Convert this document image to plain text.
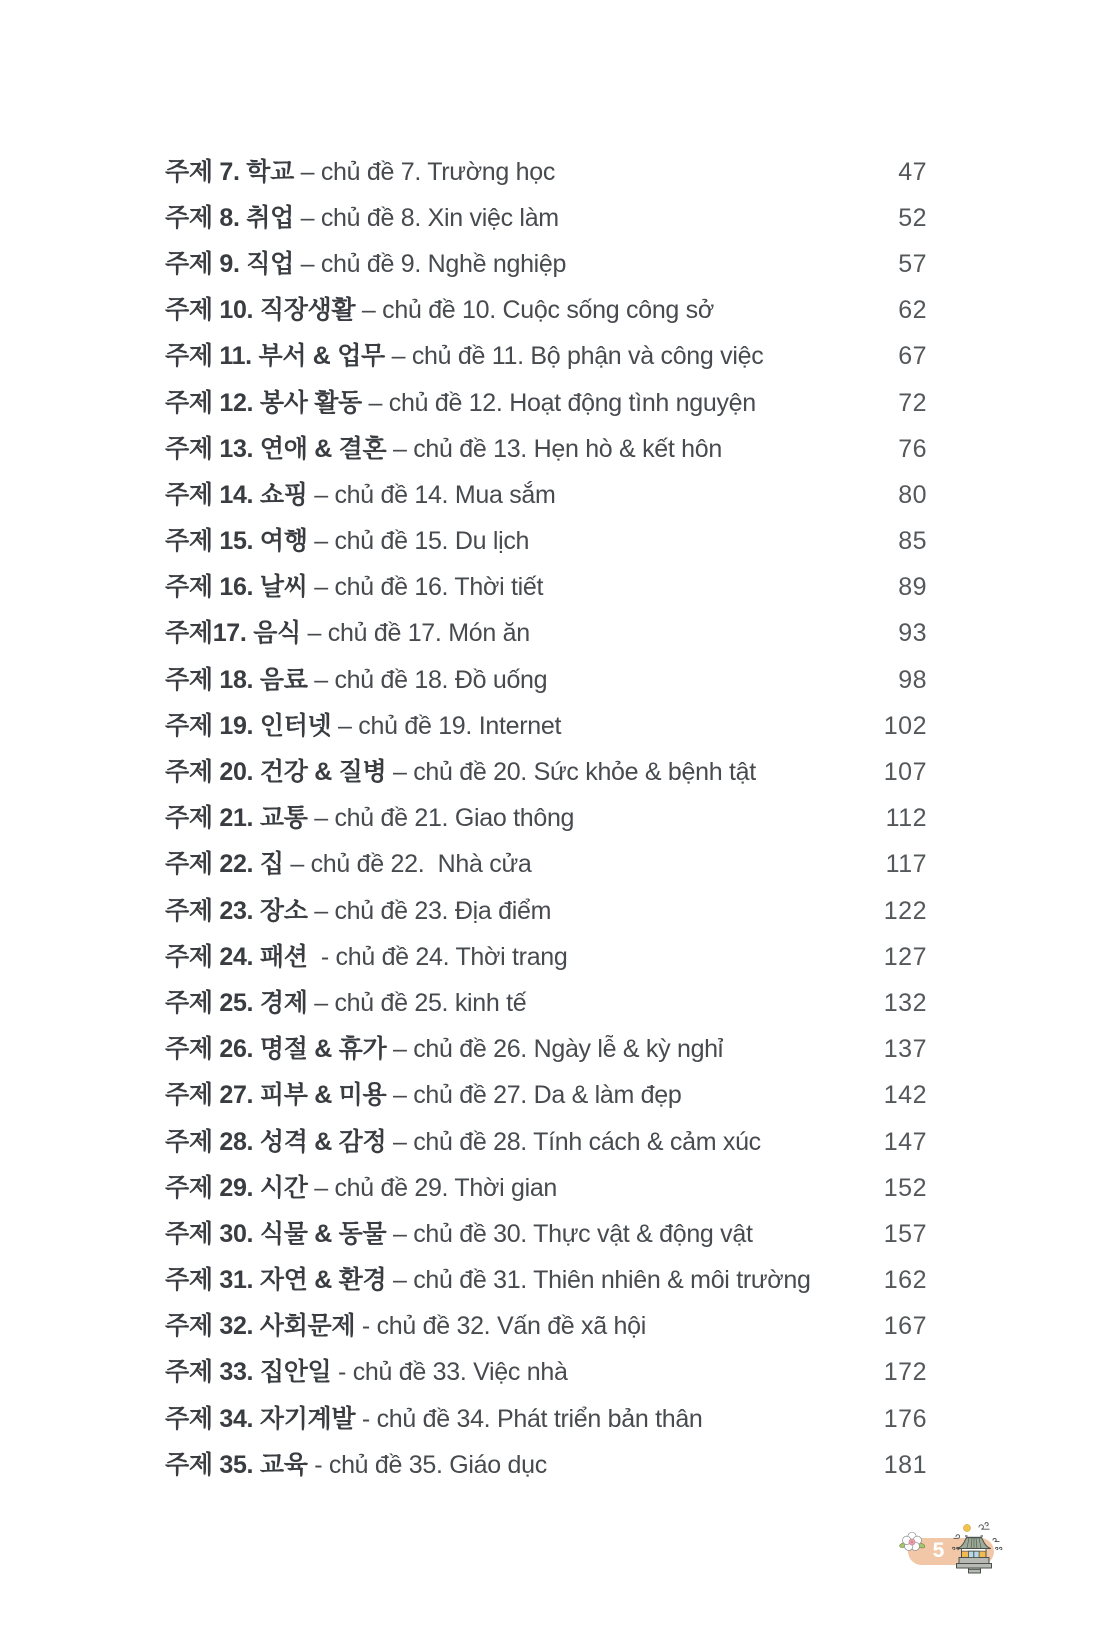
주제 7. 학교 – chủ đề 7. Trường học	47
주제 8. 취업 – chủ đề 8. Xin việc làm	52
주제 9. 직업 – chủ đề 9. Nghề nghiệp	57
주제 10. 직장생활 – chủ đề 10. Cuộc sống công sở	62
주제 11. 부서 & 업무 – chủ đề 11. Bộ phận và công việc	67
주제 12. 봉사 활동 – chủ đề 12. Hoạt động tình nguyện	72
주제 13. 연애 & 결혼 – chủ đề 13. Hẹn hò & kết hôn	76
주제 14. 쇼핑 – chủ đề 14. Mua sắm	80
주제 15. 여행 – chủ đề 15. Du lịch	85
주제 16. 날씨 – chủ đề 16. Thời tiết	89
주제17. 음식 – chủ đề 17. Món ăn	93
주제 18. 음료 – chủ đề 18. Đồ uống	98
주제 19. 인터넷 – chủ đề 19. Internet	102
주제 20. 건강 & 질병 – chủ đề 20. Sức khỏe & bệnh tật	107
주제 21. 교통 – chủ đề 21. Giao thông	112
주제 22. 집 – chủ đề 22.  Nhà cửa	117
주제 23. 장소 – chủ đề 23. Địa điểm	122
주제 24. 패션  - chủ đề 24. Thời trang	127
주제 25. 경제 – chủ đề 25. kinh tế	132
주제 26. 명절 & 휴가 – chủ đề 26. Ngày lễ & kỳ nghỉ	137
주제 27. 피부 & 미용 – chủ đề 27. Da & làm đẹp	142
주제 28. 성격 & 감정 – chủ đề 28. Tính cách & cảm xúc	147
주제 29. 시간 – chủ đề 29. Thời gian	152
주제 30. 식물 & 동물 – chủ đề 30. Thực vật & động vật	157
주제 31. 자연 & 환경 – chủ đề 31. Thiên nhiên & môi trường	162
주제 32. 사회문제 - chủ đề 32. Vấn đề xã hội	167
주제 33. 집안일 - chủ đề 33. Việc nhà	172
주제 34. 자기계발 - chủ đề 34. Phát triển bản thân	176
주제 35. 교육 - chủ đề 35. Giáo dục	181
5
